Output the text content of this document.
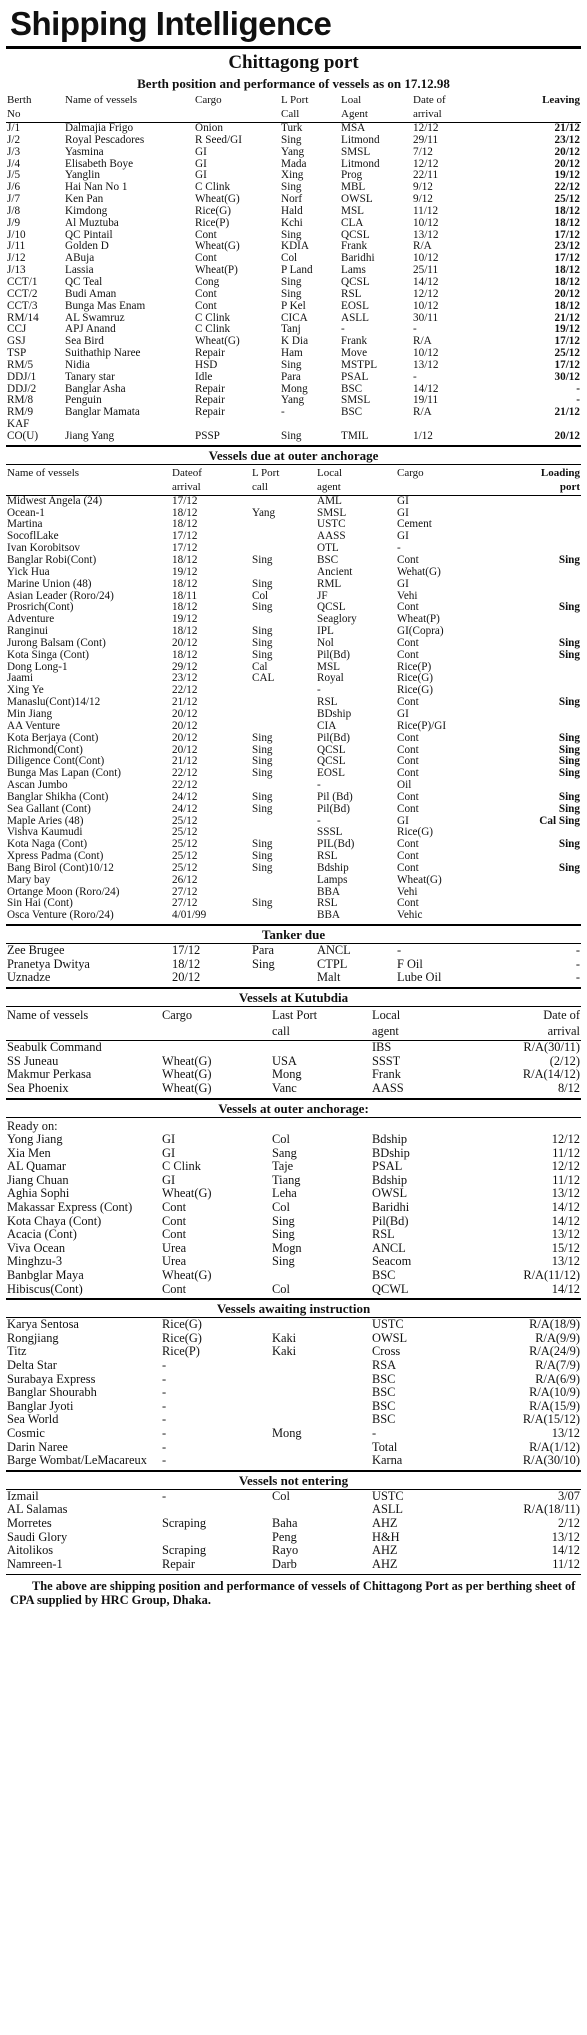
Shipping Intelligence
Chittagong port
Berth position and performance of vessels as on 17.12.98
Berth	Name of vessels	Cargo	L Port	Loal	Date of	Leaving
No			Call	Agent	arrival	
J/1	Dalmajia Frigo	Onion	Turk	MSA	12/12	21/12
J/2	Royal Pescadores	R Seed/GI	Sing	Litmond	29/11	23/12
J/3	Yasmina	GI	Yang	SMSL	7/12	20/12
J/4	Elisabeth Boye	GI	Mada	Litmond	12/12	20/12
J/5	Yanglin	GI	Xing	Prog	22/11	19/12
J/6	Hai Nan No 1	C Clink	Sing	MBL	9/12	22/12
J/7	Ken Pan	Wheat(G)	Norf	OWSL	9/12	25/12
J/8	Kimdong	Rice(G)	Hald	MSL	11/12	18/12
J/9	Al Muztuba	Rice(P)	Kchi	CLA	10/12	18/12
J/10	QC Pintail	Cont	Sing	QCSL	13/12	17/12
J/11	Golden D	Wheat(G)	KDIA	Frank	R/A	23/12
J/12	ABuja	Cont	Col	Baridhi	10/12	17/12
J/13	Lassia	Wheat(P)	P Land	Lams	25/11	18/12
CCT/1	QC Teal	Cong	Sing	QCSL	14/12	18/12
CCT/2	Budi Aman	Cont	Sing	RSL	12/12	20/12
CCT/3	Bunga Mas Enam	Cont	P Kel	EOSL	10/12	18/12
RM/14	AL Swamruz	C Clink	CICA	ASLL	30/11	21/12
CCJ	APJ Anand	C Clink	Tanj	-	-	19/12
GSJ	Sea Bird	Wheat(G)	K Dia	Frank	R/A	17/12
TSP	Suithathip Naree	Repair	Ham	Move	10/12	25/12
RM/5	Nidia	HSD	Sing	MSTPL	13/12	17/12
DDJ/1	Tanary star	Idle	Para	PSAL	-	30/12
DDJ/2	Banglar Asha	Repair	Mong	BSC	14/12	-
RM/8	Penguin	Repair	Yang	SMSL	19/11	-
RM/9	Banglar Mamata	Repair	-	BSC	R/A	21/12
KAF						
CO(U)	Jiang Yang	PSSP	Sing	TMIL	1/12	20/12
Vessels due at outer anchorage
Name of vessels	Dateof	L Port	Local	Cargo	Loading
	arrival	call	agent		port
Midwest Angela (24)	17/12		AML	GI	
Ocean-1	18/12	Yang	SMSL	GI	
Martina	18/12		USTC	Cement	
SocoflLake	17/12		AASS	GI	
Ivan Korobitsov	17/12		OTL	-	
Banglar Robi(Cont)	18/12	Sing	BSC	Cont	Sing
Yick Hua	19/12		Ancient	Wehat(G)	
Marine Union (48)	18/12	Sing	RML	GI	
Asian Leader (Roro/24)	18/11	Col	JF	Vehi	
Prosrich(Cont)	18/12	Sing	QCSL	Cont	Sing
Adventure	19/12		Seaglory	Wheat(P)	
Ranginui	18/12	Sing	IPL	GI(Copra)	
Jurong Balsam (Cont)	20/12	Sing	Nol	Cont	Sing
Kota Singa (Cont)	18/12	Sing	Pil(Bd)	Cont	Sing
Dong Long-1	29/12	Cal	MSL	Rice(P)	
Jaami	23/12	CAL	Royal	Rice(G)	
Xing Ye	22/12		-	Rice(G)	
Manaslu(Cont)14/12	21/12		RSL	Cont	Sing
Min Jiang	20/12		BDship	GI	
AA Venture	20/12		CIA	Rice(P)/GI	
Kota Berjaya (Cont)	20/12	Sing	Pil(Bd)	Cont	Sing
Richmond(Cont)	20/12	Sing	QCSL	Cont	Sing
Diligence Cont(Cont)	21/12	Sing	QCSL	Cont	Sing
Bunga Mas Lapan (Cont)	22/12	Sing	EOSL	Cont	Sing
Ascan Jumbo	22/12		-	Oil	
Banglar Shikha (Cont)	24/12	Sing	Pil (Bd)	Cont	Sing
Sea Gallant (Cont)	24/12	Sing	Pil(Bd)	Cont	Sing
Maple Aries (48)	25/12		-	GI	Cal Sing
Vishva Kaumudi	25/12		SSSL	Rice(G)	
Kota Naga (Cont)	25/12	Sing	PIL(Bd)	Cont	Sing
Xpress Padma (Cont)	25/12	Sing	RSL	Cont	
Bang Birol (Cont)10/12	25/12	Sing	Bdship	Cont	Sing
Mary bay	26/12		Lamps	Wheat(G)	
Ortange Moon (Roro/24)	27/12		BBA	Vehi	
Sin Hai (Cont)	27/12	Sing	RSL	Cont	
Osca Venture (Roro/24)	4/01/99		BBA	Vehic	
Tanker due
Zee Brugee	17/12	Para	ANCL	-	-
Pranetya Dwitya	18/12	Sing	CTPL	F Oil	-
Uznadze	20/12		Malt	Lube Oil	-
Vessels at Kutubdia
Name of vessels	Cargo	Last Port	Local	Date of
		call	agent	arrival
Seabulk Command			IBS	R/A(30/11)
SS Juneau	Wheat(G)	USA	SSST	(2/12)
Makmur Perkasa	Wheat(G)	Mong	Frank	R/A(14/12)
Sea Phoenix	Wheat(G)	Vanc	AASS	8/12
Vessels at outer anchorage:
Ready on:				
Yong Jiang	GI	Col	Bdship	12/12
Xia Men	GI	Sang	BDship	11/12
AL Quamar	C Clink	Taje	PSAL	12/12
Jiang Chuan	GI	Tiang	Bdship	11/12
Aghia Sophi	Wheat(G)	Leha	OWSL	13/12
Makassar Express (Cont)	Cont	Col	Baridhi	14/12
Kota Chaya (Cont)	Cont	Sing	Pil(Bd)	14/12
Acacia (Cont)	Cont	Sing	RSL	13/12
Viva Ocean	Urea	Mogn	ANCL	15/12
Minghzu-3	Urea	Sing	Seacom	13/12
Banbglar Maya	Wheat(G)		BSC	R/A(11/12)
Hibiscus(Cont)	Cont	Col	QCWL	14/12
Vessels awaiting instruction
Karya Sentosa	Rice(G)		USTC	R/A(18/9)
Rongjiang	Rice(G)	Kaki	OWSL	R/A(9/9)
Titz	Rice(P)	Kaki	Cross	R/A(24/9)
Delta Star	-		RSA	R/A(7/9)
Surabaya Express	-		BSC	R/A(6/9)
Banglar Shourabh	-		BSC	R/A(10/9)
Banglar Jyoti	-		BSC	R/A(15/9)
Sea World	-		BSC	R/A(15/12)
Cosmic	-	Mong	-	13/12
Darin Naree	-		Total	R/A(1/12)
Barge Wombat/LeMacareux	-		Karna	R/A(30/10)
Vessels not entering
Izmail	-	Col	USTC	3/07
AL Salamas			ASLL	R/A(18/11)
Morretes	Scraping	Baha	AHZ	2/12
Saudi Glory		Peng	H&H	13/12
Aitolikos	Scraping	Rayo	AHZ	14/12
Namreen-1	Repair	Darb	AHZ	11/12
The above are shipping position and performance of vessels of Chittagong Port as per berthing sheet of CPA supplied by HRC Group, Dhaka.
